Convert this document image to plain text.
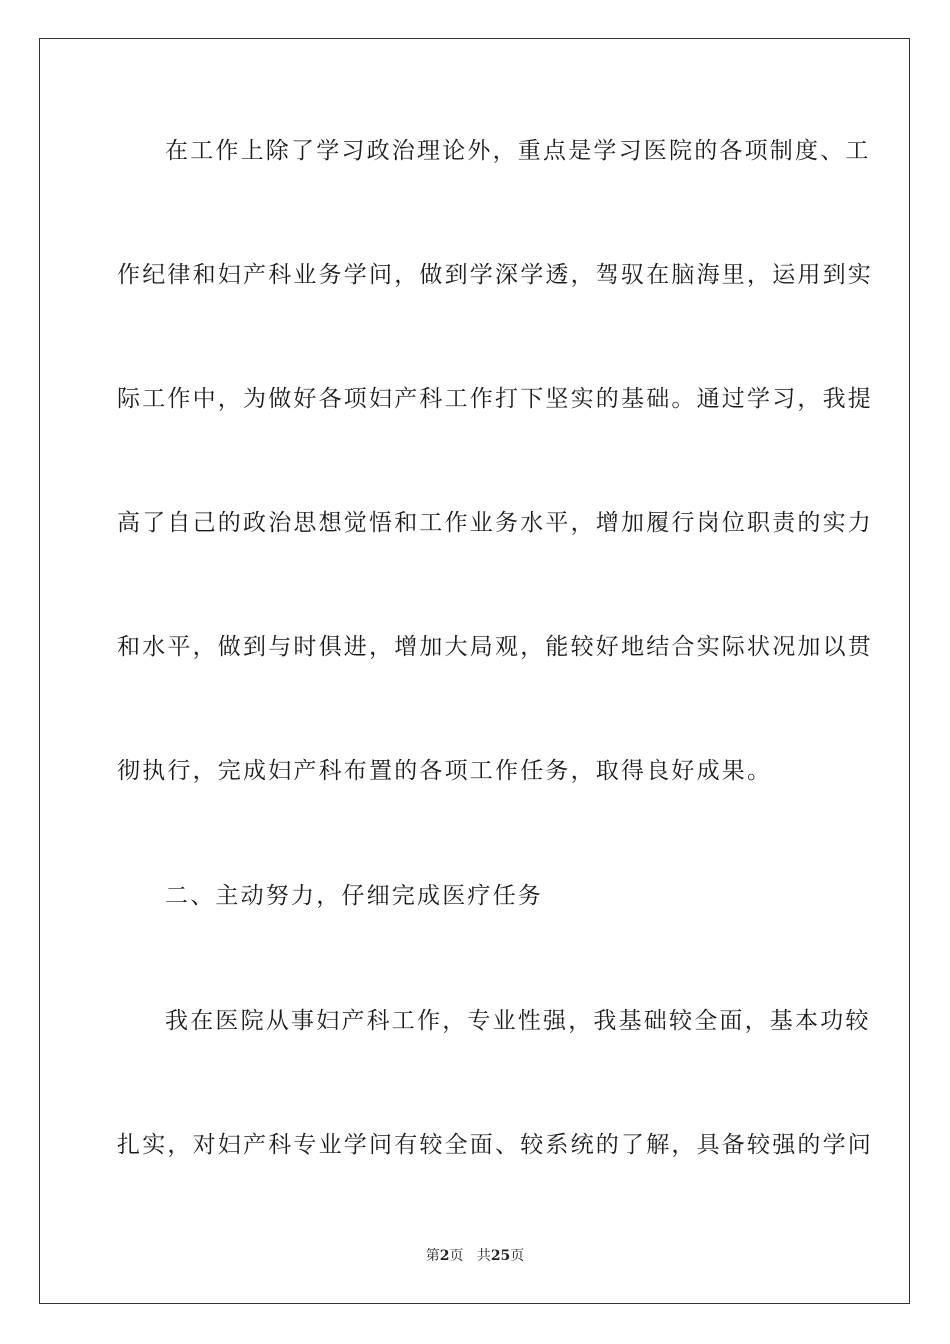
在工作上除了学习政治理论外，重点是学习医院的各项制度、工
作纪律和妇产科业务学问，做到学深学透，驾驭在脑海里，运用到实
际工作中，为做好各项妇产科工作打下坚实的基础。通过学习，我提
高了自己的政治思想觉悟和工作业务水平，增加履行岗位职责的实力
和水平，做到与时俱进，增加大局观，能较好地结合实际状况加以贯
彻执行，完成妇产科布置的各项工作任务，取得良好成果。
二、主动努力，仔细完成医疗任务
我在医院从事妇产科工作，专业性强，我基础较全面，基本功较
扎实，对妇产科专业学问有较全面、较系统的了解，具备较强的学问
第2页 共25页
